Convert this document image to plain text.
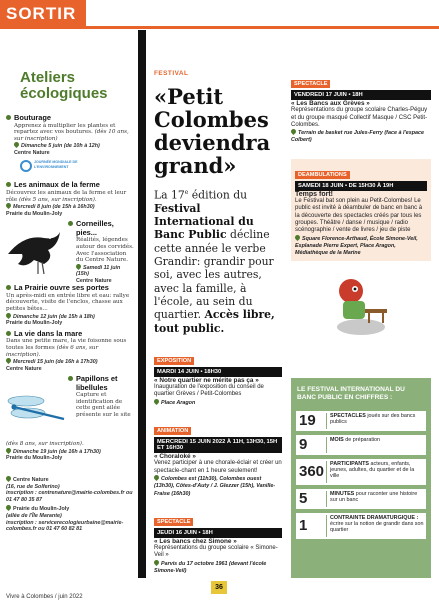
SORTIR
Ateliers écologiques
Bouturage

Apprenez à multiplier les plantes et repartez avec vos boutures. (dès 10 ans, sur inscription)

Dimanche 5 juin (de 10h à 12h)

Centre Nature

JOURNÉE MONDIALE DE L'ENVIRONNEMENT
Les animaux de la ferme

Découvrez les animaux de la ferme et leur rôle (dès 5 ans, sur inscription).

Mercredi 8 juin (de 15h à 16h30)

Prairie du Moulin-Joly

Corneilles, pies...

Réalités, légendes autour des corvidés. Avec l'association du Centre Nature.

Samedi 11 juin (15h)

Centre Nature

La Prairie ouvre ses portes

Un après-midi en entrée libre et eau: rallye découverte, visite de l'enclos, chasse aux petites bêtes...

Dimanche 12 juin (de 15h à 18h)

Prairie du Moulin-Joly

La vie dans la mare

Dans une petite mare, la vie foisonne sous toutes les formes (dès 6 ans, sur inscription).

Mercredi 15 juin (de 16h à 17h30)

Centre Nature

Papillons et libellules

Capture et identification de cette gent ailée présente sur le site

(dès 8 ans, sur inscription).

Dimanche 19 juin (de 16h à 17h30)

Prairie du Moulin-Joly

Centre Nature

(16, rue de Solferino)

inscription : centrenature@mairie-colombes.fr ou 01 47 80 35 87

Prairie du Moulin-Joly

(allée de l'Île Marante)

inscription : servicerecologieurbaine@mairie-colombes.fr ou 01 47 60 82 81

FESTIVAL
«Petit Colombes deviendra grand»
La 17e édition du Festival International du Banc Public décline cette année le verbe Grandir: grandir pour soi, avec les autres, avec la famille, à l'école, au sein du quartier. Accès libre, tout public.
EXPOSITION
MARDI 14 JUIN • 18H30
« Notre quartier ne mérite pas ça »
Inauguration de l'exposition du conseil de quartier Grèves / Petit-Colombes
Place Aragon
ANIMATION
MERCREDI 15 JUIN 2022 À 11H, 13H30, 15H ET 16H30
« Choraloké »
Venez participer à une chorale-éclair et créer un spectacle-chant en 1 heure seulement!
Colombes est (11h30), Colombes ouest (13h30), Côtes-d'Auty / J. Glezzer (15h), Vanille-Fraise (16h30)
SPECTACLE
JEUDI 16 JUIN • 18H
« Les bancs chez Simone »
Représentations du groupe scolaire « Simone-Veil »
Parvis du 17 octobre 1961 (devant l'école Simone-Veil)
SPECTACLE
VENDREDI 17 JUIN • 18H
« Les Bancs aux Grèves »
Représentations du groupe scolaire Charles-Péguy et du groupe masqué Collectif Masque / CSC Petit-Colombes.
Terrain de basket rue Jules-Ferry (face à l'espace Colbert)
DEAMBULATIONS
SAMEDI 18 JUIN • DE 15H30 À 19H
Temps fort!
Le Festival bat son plein au Petit-Colombes! Le public est invité à déambuler de banc en banc à la découverte des spectacles créés par tous les groupes. Théâtre / danse / musique / radio scénographie / vente de livres / jeu de piste
Square Florence-Arthaud, École Simone-Veil, Esplanade Pierre Expert, Place Aragon, Médiathèque de la Marine
LE FESTIVAL INTERNATIONAL DU BANC PUBLIC EN CHIFFRES :
19	SPECTACLES joués sur des bancs publics
9	MOIS de préparation
360 PARTICIPANTS acteurs, enfants, jeunes, adultes, du quartier et de la ville
5	MINUTES pour raconter une histoire sur un banc
1	CONTRAINTE DRAMATURGIQUE : écrire sur la notion de grandir dans son quartier
Vivre à Colombes / juin 2022
36
